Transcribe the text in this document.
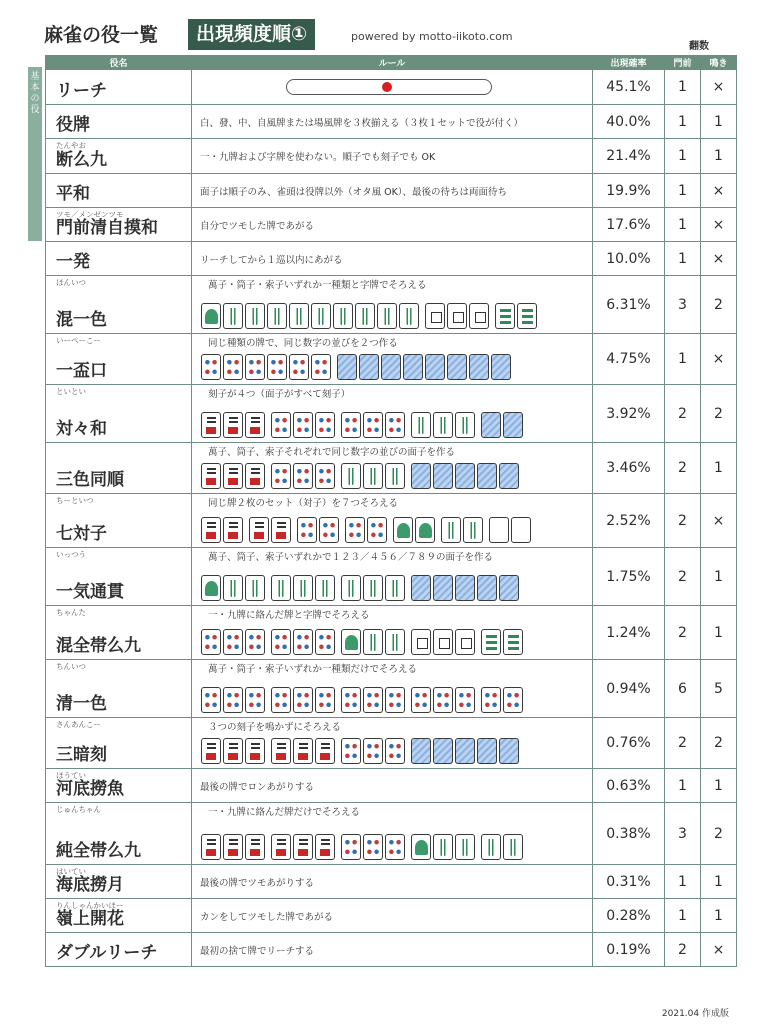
麻雀の役一覧	出現頻度順①	powered by motto-iikoto.com
翻数
基本の役
役名	ルール	出現確率	門前	鳴き

リーチ		45.1%	1	×

役牌	白、發、中、自風牌または場風牌を３枚揃える（３枚１セットで役が付く）	40.0%	1	1

たんやお
断么九	一・九牌および字牌を使わない。順子でも刻子でも OK	21.4%	1	1

平和	面子は順子のみ、雀頭は役牌以外（オタ風 OK）、最後の待ちは両面待ち	19.9%	1	×

ツモ／メンゼンツモ
門前清自摸和	自分でツモした牌であがる	17.6%	1	×

一発	リーチしてから１巡以内にあがる	10.0%	1	×

ほんいつ
混一色	萬子・筒子・索子いずれか一種類と字牌でそろえる	6.31%	3	2

いーぺーこー
一盃口	同じ種類の牌で、同じ数字の並びを２つ作る	4.75%	1	×

といとい
対々和	刻子が４つ（面子がすべて刻子）	3.92%	2	2

三色同順	萬子、筒子、索子それぞれで同じ数字の並びの面子を作る	3.46%	2	1

ちーといつ
七対子	同じ牌２枚のセット（対子）を７つそろえる	2.52%	2	×

いっつう
一気通貫	萬子、筒子、索子いずれかで１２３／４５６／７８９の面子を作る	1.75%	2	1

ちゃんた
混全帯么九	一・九牌に絡んだ牌と字牌でそろえる	1.24%	2	1

ちんいつ
清一色	萬子・筒子・索子いずれか一種類だけでそろえる	0.94%	6	5

さんあんこー
三暗刻	３つの刻子を鳴かずにそろえる	0.76%	2	2

ほうてい
河底撈魚	最後の牌でロンあがりする	0.63%	1	1

じゅんちゃん
純全帯么九	一・九牌に絡んだ牌だけでそろえる	0.38%	3	2

はいてい
海底撈月	最後の牌でツモあがりする	0.31%	1	1

りんしゃんかいほー
嶺上開花	カンをしてツモした牌であがる	0.28%	1	1

ダブルリーチ	最初の捨て牌でリーチする	0.19%	2	×
2021.04 作成版
